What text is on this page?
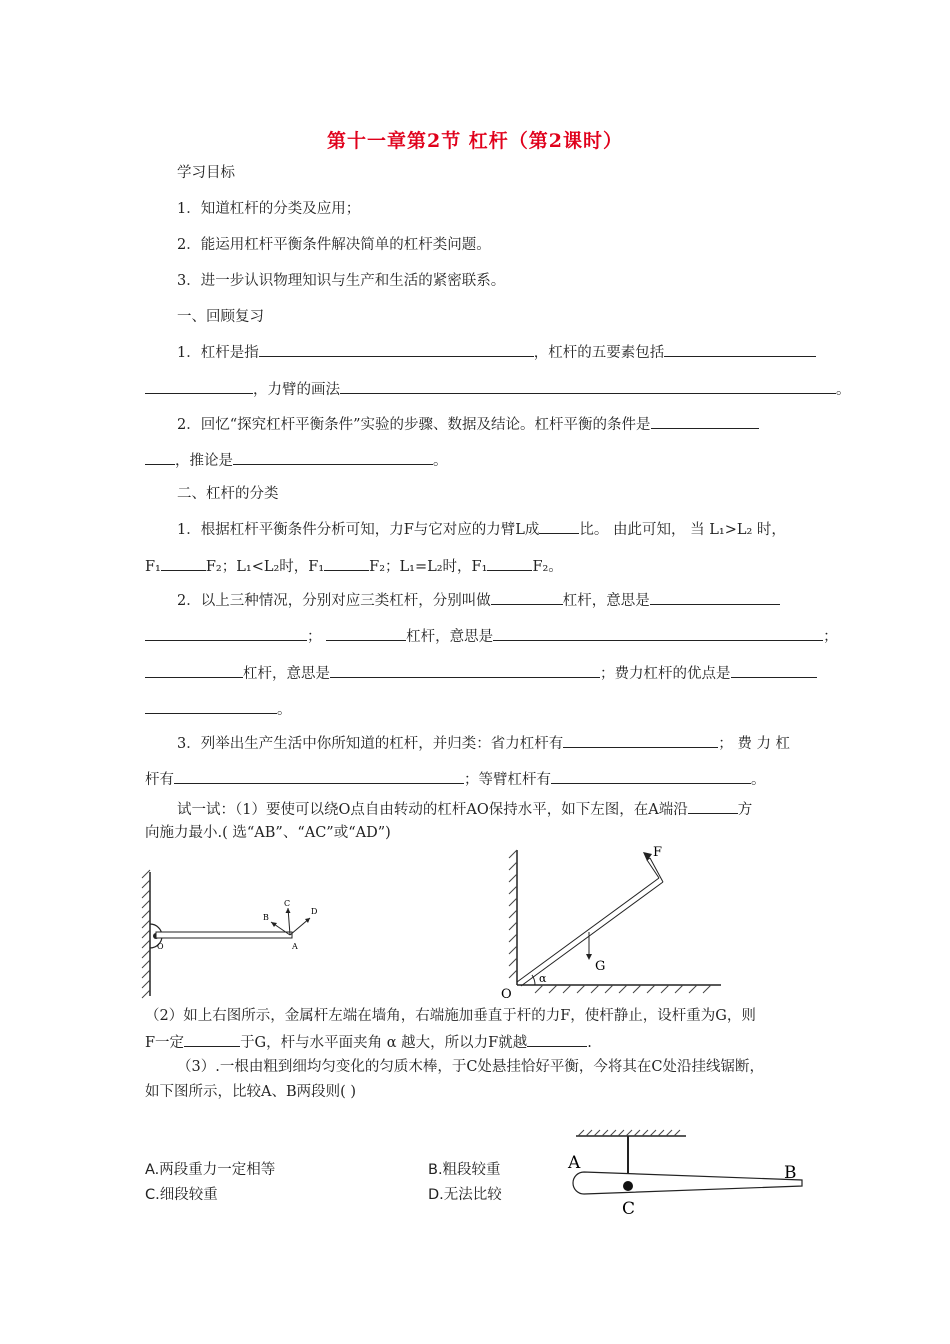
第十一章第2节 杠杆（第2课时）
学习目标
1．知道杠杆的分类及应用；
2．能运用杠杆平衡条件解决简单的杠杆类问题。
3．进一步认识物理知识与生产和生活的紧密联系。
一、回顾复习
1．杠杆是指	，杠杆的五要素包括
，力臂的画法	。
2．回忆“探究杠杆平衡条件”实验的步骤、数据及结论。杠杆平衡的条件是
，推论是	。
二、杠杆的分类
1．根据杠杆平衡条件分析可知，力F与它对应的力臂L成	比。 由此可知， 当 L₁>L₂ 时，
F₁	F₂；L₁<L₂时，F₁	F₂；L₁=L₂时，F₁	F₂。
2．以上三种情况，分别对应三类杠杆，分别叫做	杠杆，意思是
；	杠杆，意思是	；
杠杆，意思是	；费力杠杆的优点是
。
3．列举出生产生活中你所知道的杠杆，并归类：省力杠杆有	； 费 力 杠
杆有	；等臂杠杆有	。
试一试：（1）要使可以绕O点自由转动的杠杆AO保持水平，如下左图，在A端沿	方
向施力最小.( 选“AB”、“AC”或“AD”)
O	A
B
C
D
F
G
O
α
（2）如上右图所示，金属杆左端在墙角，右端施加垂直于杆的力F，使杆静止，设杆重为G，则
F一定	于G，杆与水平面夹角 α 越大，所以力F就越	.
（3）.一根由粗到细均匀变化的匀质木棒，于C处悬挂恰好平衡，今将其在C处沿挂线锯断，
如下图所示，比较A、B两段则( )
A.两段重力一定相等	B.粗段较重
C.细段较重	D.无法比较
A	B
C
